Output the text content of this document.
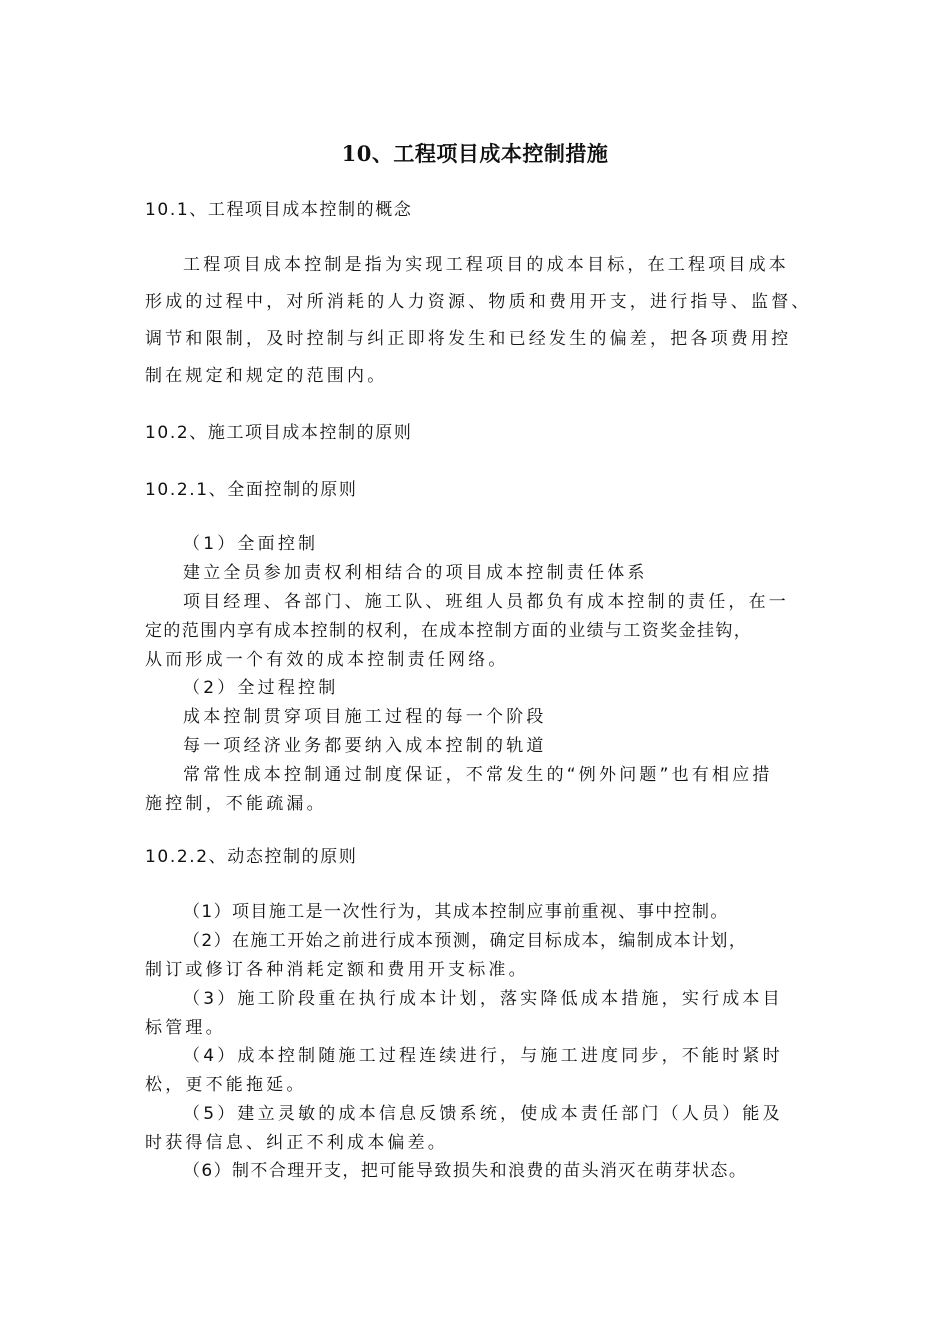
10、工程项目成本控制措施
10.1、工程项目成本控制的概念
工程项目成本控制是指为实现工程项目的成本目标，在工程项目成本
形成的过程中，对所消耗的人力资源、物质和费用开支，进行指导、监督、
调节和限制，及时控制与纠正即将发生和已经发生的偏差，把各项费用控
制在规定和规定的范围内。
10.2、施工项目成本控制的原则
10.2.1、全面控制的原则
（1）全面控制
建立全员参加责权利相结合的项目成本控制责任体系
项目经理、各部门、施工队、班组人员都负有成本控制的责任，在一
定的范围内享有成本控制的权利，在成本控制方面的业绩与工资奖金挂钩，
从而形成一个有效的成本控制责任网络。
（2）全过程控制
成本控制贯穿项目施工过程的每一个阶段
每一项经济业务都要纳入成本控制的轨道
常常性成本控制通过制度保证，不常发生的“例外问题”也有相应措
施控制，不能疏漏。
10.2.2、动态控制的原则
（1）项目施工是一次性行为，其成本控制应事前重视、事中控制。
（2）在施工开始之前进行成本预测，确定目标成本，编制成本计划，
制订或修订各种消耗定额和费用开支标准。
（3）施工阶段重在执行成本计划，落实降低成本措施，实行成本目
标管理。
（4）成本控制随施工过程连续进行，与施工进度同步，不能时紧时
松，更不能拖延。
（5）建立灵敏的成本信息反馈系统，使成本责任部门（人员）能及
时获得信息、纠正不利成本偏差。
（6）制不合理开支，把可能导致损失和浪费的苗头消灭在萌芽状态。
